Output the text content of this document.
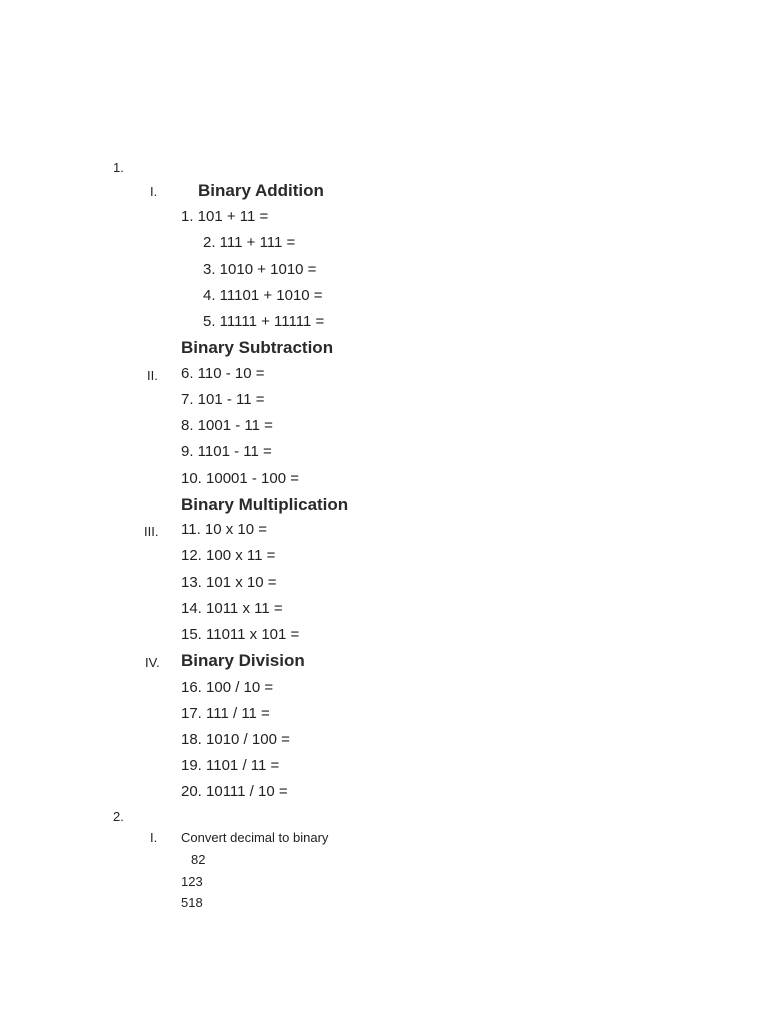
1.
I. Binary Addition
1. 101 + 11 =
2. 111 + 111 =
3. 1010 + 1010 =
4. 11101 + 1010 =
5. 11111 + 11111 =
Binary Subtraction
II. 6. 110 - 10 =
7. 101 - 11 =
8. 1001 - 11 =
9. 1101 - 11 =
10. 10001 - 100 =
Binary Multiplication
III. 11. 10 x 10 =
12. 100 x 11 =
13. 101 x 10 =
14. 1011 x 11 =
15. 11011 x 101 =
IV. Binary Division
16. 100 / 10 =
17. 111 / 11 =
18. 1010 / 100 =
19. 1101 / 11 =
20. 10111 / 10 =
2.
I. Convert decimal to binary
82
123
518
